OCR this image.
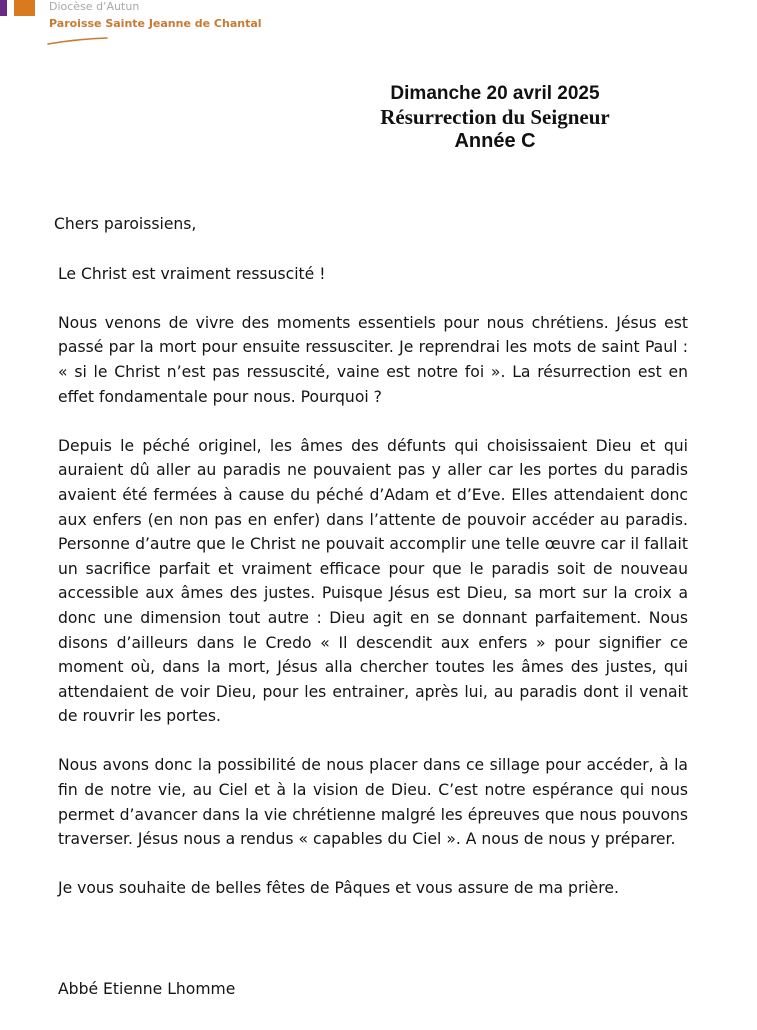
Diocèse d’Autun
Paroisse Sainte Jeanne de Chantal

Dimanche 20 avril 2025

Résurrection du Seigneur

Année C

Chers paroissiens,

Le Christ est vraiment ressuscité !

Nous venons de vivre des moments essentiels pour nous chrétiens. Jésus est passé par la mort pour ensuite ressusciter. Je reprendrai les mots de saint Paul : « si le Christ n’est pas ressuscité, vaine est notre foi ». La résurrection est en effet fondamentale pour nous. Pourquoi ?

Depuis le péché originel, les âmes des défunts qui choisissaient Dieu et qui auraient dû aller au paradis ne pouvaient pas y aller car les portes du paradis avaient été fermées à cause du péché d’Adam et d’Eve. Elles attendaient donc aux enfers (en non pas en enfer) dans l’attente de pouvoir accéder au paradis. Personne d’autre que le Christ ne pouvait accomplir une telle œuvre car il fallait un sacrifice parfait et vraiment efficace pour que le paradis soit de nouveau accessible aux âmes des justes. Puisque Jésus est Dieu, sa mort sur la croix a donc une dimension tout autre : Dieu agit en se donnant parfaitement. Nous disons d’ailleurs dans le Credo « Il descendit aux enfers » pour signifier ce moment où, dans la mort, Jésus alla chercher toutes les âmes des justes, qui attendaient de voir Dieu, pour les entrainer, après lui, au paradis dont il venait de rouvrir les portes.

Nous avons donc la possibilité de nous placer dans ce sillage pour accéder, à la fin de notre vie, au Ciel et à la vision de Dieu. C’est notre espérance qui nous permet d’avancer dans la vie chrétienne malgré les épreuves que nous pouvons traverser. Jésus nous a rendus « capables du Ciel ». A nous de nous y préparer.

Je vous souhaite de belles fêtes de Pâques et vous assure de ma prière.

Abbé Etienne Lhomme
